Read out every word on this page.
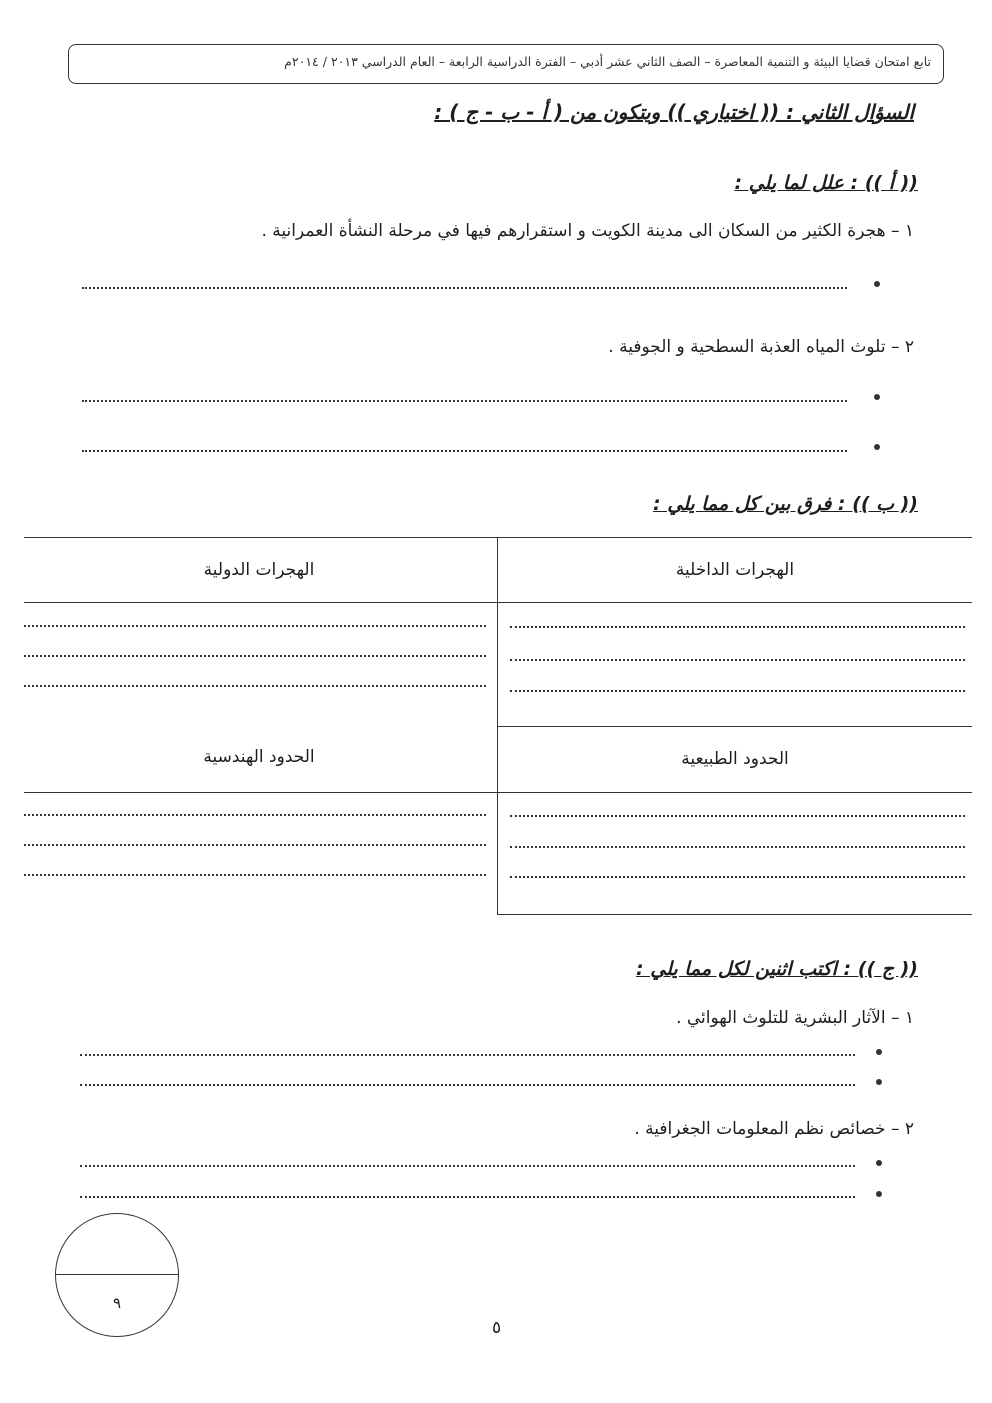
تابع امتحان قضايا البيئة و التنمية المعاصرة – الصف الثاني عشر أدبي – الفترة الدراسية الرابعة – العام الدراسي ٢٠١٣ / ٢٠١٤م
السؤال الثاني : (( اختياري )) ويتكون من ( أ - ب - ج ) :
(( أ )) : علل لما يلي :
١ – هجرة الكثير من السكان الى مدينة الكويت و استقرارهم فيها في مرحلة النشأة العمرانية .
٢ – تلوث المياه العذبة السطحية و الجوفية .
(( ب )) : فرق بين كل مما يلي :
الهجرات الداخلية
الهجرات الدولية
الحدود الطبيعية
الحدود الهندسية
(( ج )) : اكتب اثنين لكل مما يلي :
١ – الآثار البشرية للتلوث الهوائي .
٢ – خصائص نظم المعلومات الجغرافية .
٩
٥
